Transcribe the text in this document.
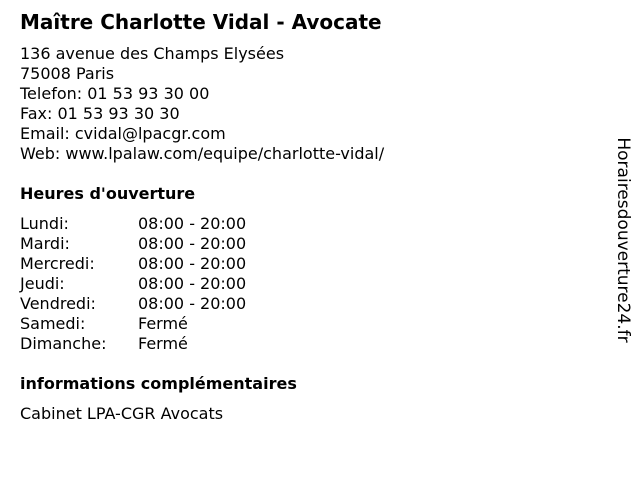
Maître Charlotte Vidal - Avocate
136 avenue des Champs Elysées
75008 Paris
Telefon: 01 53 93 30 00
Fax: 01 53 93 30 30
Email: cvidal@lpacgr.com
Web: www.lpalaw.com/equipe/charlotte-vidal/
Heures d'ouverture
Lundi:	08:00 - 20:00
Mardi:	08:00 - 20:00
Mercredi:	08:00 - 20:00
Jeudi:	08:00 - 20:00
Vendredi:	08:00 - 20:00
Samedi:	Fermé
Dimanche: Fermé
informations complémentaires
Cabinet LPA-CGR Avocats
Horairesdouverture24.fr
